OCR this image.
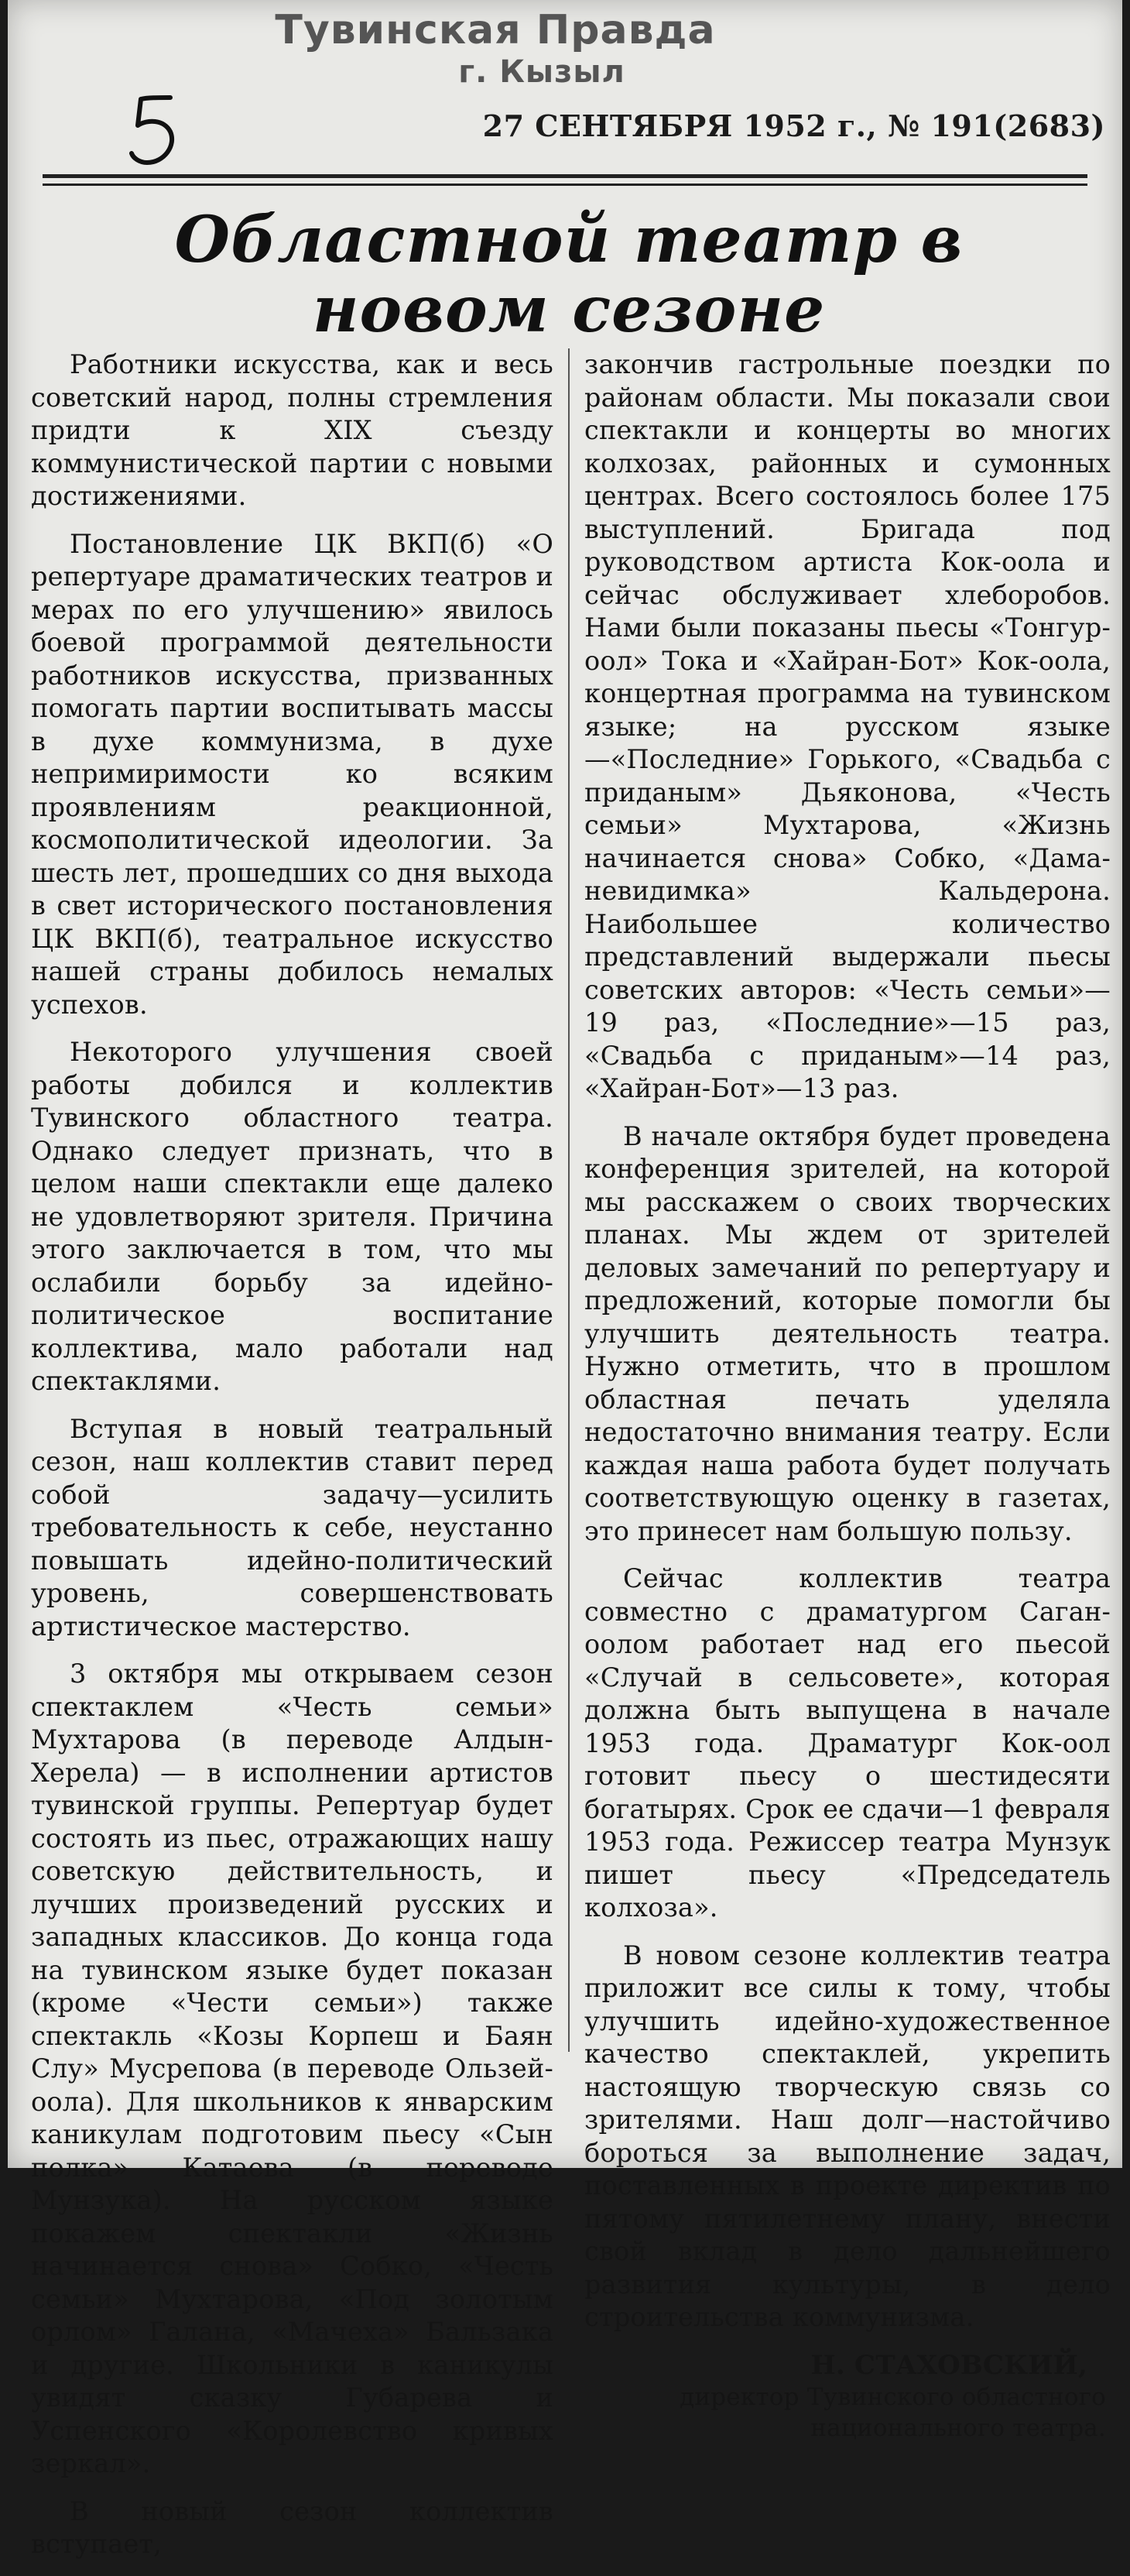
Тувинская Правда
г. Кызыл
27 СЕНТЯБРЯ 1952 г., № 191(2683)
Областной театр в новом сезоне

Работники искусства, как и весь советский народ, полны стремления придти к XIX съезду коммунистической партии с новыми достижениями.

Постановление ЦК ВКП(б) «О репертуаре драматических театров и мерах по его улучшению» явилось боевой программой деятельности работников искусства, призванных помогать партии воспитывать массы в духе коммунизма, в духе непримиримости ко всяким проявлениям реакционной, космополитической идеологии. За шесть лет, прошедших со дня выхода в свет исторического постановления ЦК ВКП(б), театральное искусство нашей страны добилось немалых успехов.

Некоторого улучшения своей работы добился и коллектив Тувинского областного театра. Однако следует признать, что в целом наши спектакли еще далеко не удовлетворяют зрителя. Причина этого заключается в том, что мы ослабили борьбу за идейно-политическое воспитание коллектива, мало работали над спектаклями.

Вступая в новый театральный сезон, наш коллектив ставит перед собой задачу—усилить требовательность к себе, неустанно повышать идейно-политический уровень, совершенствовать артистическое мастерство.

3 октября мы открываем сезон спектаклем «Честь семьи» Мухтарова (в переводе Алдын-Херела) — в исполнении артистов тувинской группы. Репертуар будет состоять из пьес, отражающих нашу советскую действительность, и лучших произведений русских и западных классиков. До конца года на тувинском языке будет показан (кроме «Чести семьи») также спектакль «Козы Корпеш и Баян Слу» Мусрепова (в переводе Ользей-оола). Для школьников к январским каникулам подготовим пьесу «Сын полка» Катаева (в переводе Мунзука). На русском языке покажем спектакли «Жизнь начинается снова» Собко, «Честь семьи» Мухтарова, «Под золотым орлом» Галана, «Мачеха» Бальзака и другие. Школьники в каникулы увидят сказку Губарева и Успенского «Королевство кривых зеркал».

В новый сезон коллектив вступает,

закончив гастрольные поездки по районам области. Мы показали свои спектакли и концерты во многих колхозах, районных и сумонных центрах. Всего состоялось более 175 выступлений. Бригада под руководством артиста Кок-оола и сейчас обслуживает хлеборобов. Нами были показаны пьесы «Тонгур-оол» Тока и «Хайран-Бот» Кок-оола, концертная программа на тувинском языке; на русском языке—«Последние» Горького, «Свадьба с приданым» Дьяконова, «Честь семьи» Мухтарова, «Жизнь начинается снова» Собко, «Дама-невидимка» Кальдерона. Наибольшее количество представлений выдержали пьесы советских авторов: «Честь семьи»—19 раз, «Последние»—15 раз, «Свадьба с приданым»—14 раз, «Хайран-Бот»—13 раз.

В начале октября будет проведена конференция зрителей, на которой мы расскажем о своих творческих планах. Мы ждем от зрителей деловых замечаний по репертуару и предложений, которые помогли бы улучшить деятельность театра. Нужно отметить, что в прошлом областная печать уделяла недостаточно внимания театру. Если каждая наша работа будет получать соответствующую оценку в газетах, это принесет нам большую пользу.

Сейчас коллектив театра совместно с драматургом Саган-оолом работает над его пьесой «Случай в сельсовете», которая должна быть выпущена в начале 1953 года. Драматург Кок-оол готовит пьесу о шестидесяти богатырях. Срок ее сдачи—1 февраля 1953 года. Режиссер театра Мунзук пишет пьесу «Председатель колхоза».

В новом сезоне коллектив театра приложит все силы к тому, чтобы улучшить идейно-художественное качество спектаклей, укрепить настоящую творческую связь со зрителями. Наш долг—настойчиво бороться за выполнение задач, поставленных в проекте директив по пятому пятилетнему плану, внести свой вклад в дело дальнейшего развития культуры, в дело строительства коммунизма.

Н. СТАХОВСКИЙ,
директор Тувинского областного
национального театра.
